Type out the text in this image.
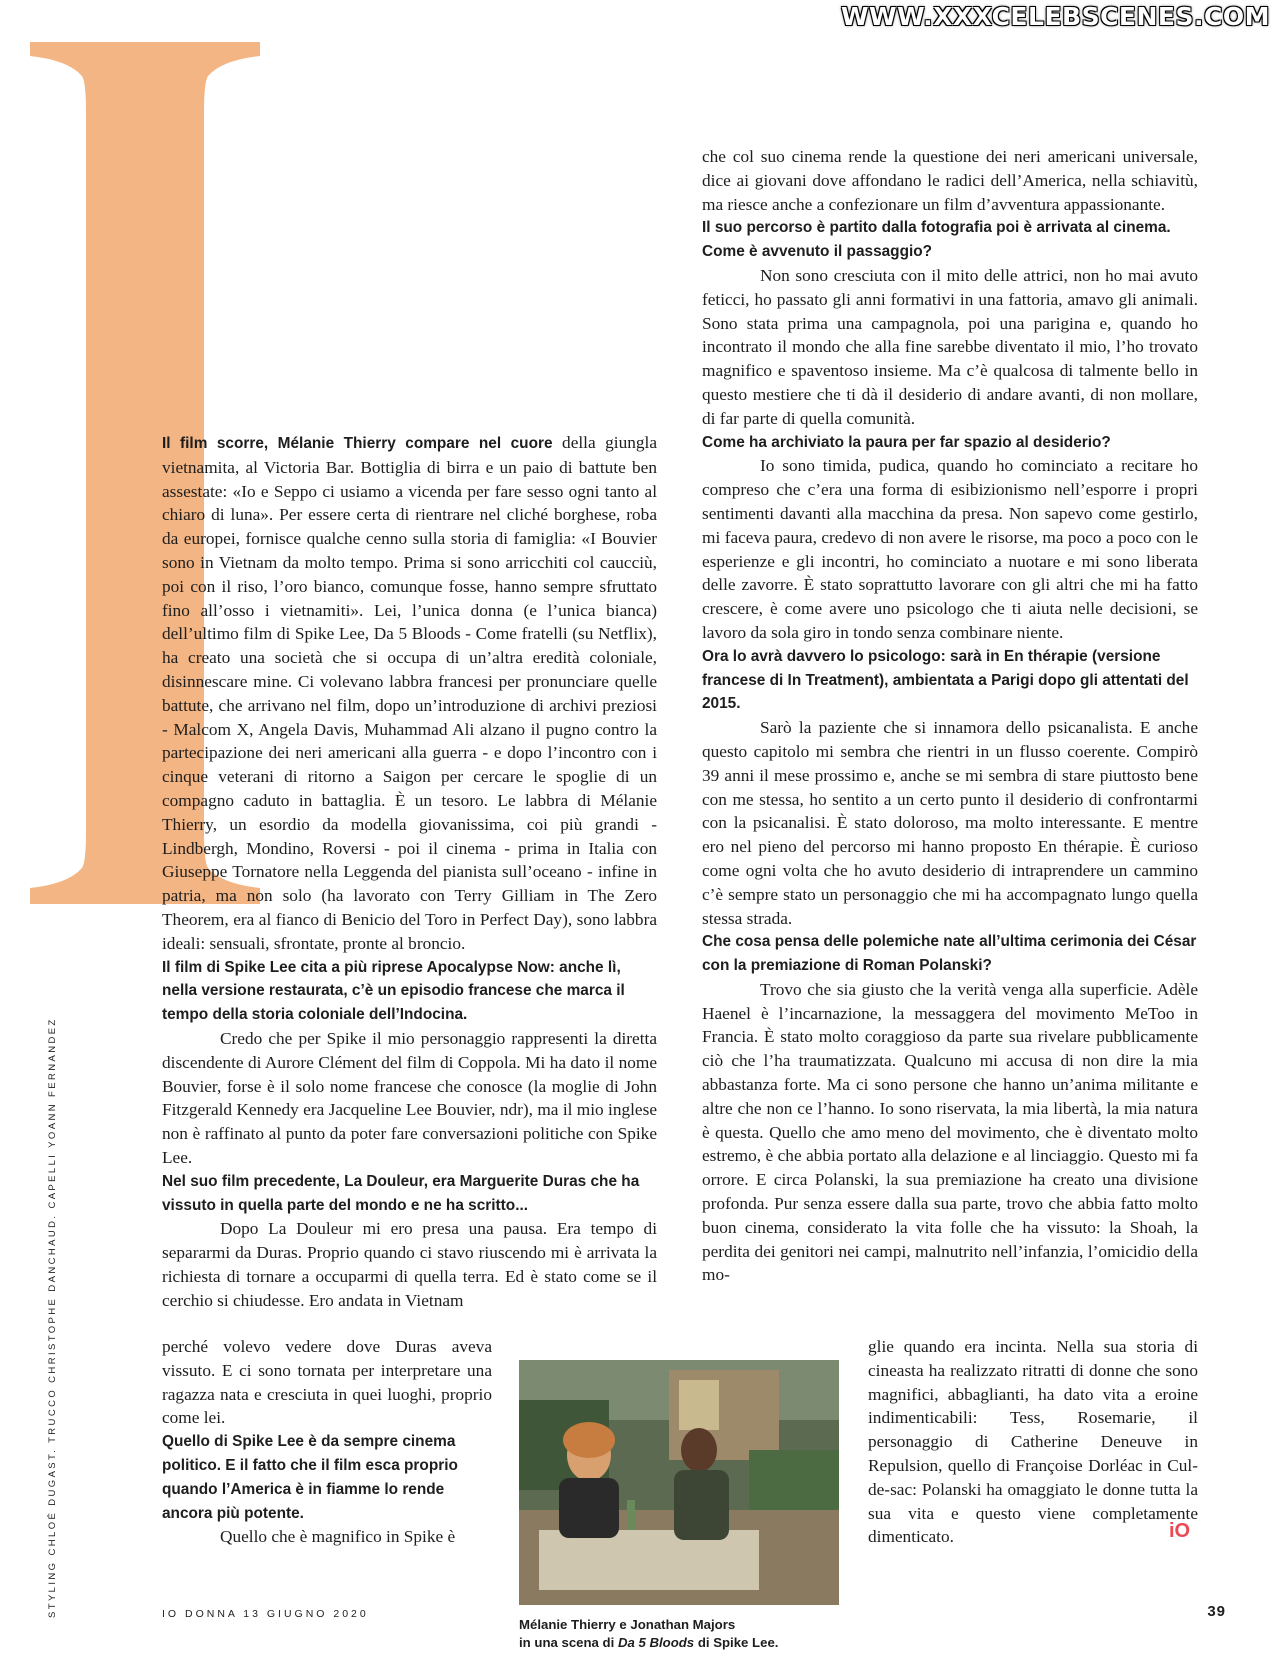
WWW.XXXCELEBSCENES.COM

Il film scorre, Mélanie Thierry compare nel cuore della giungla vietnamita, al Victoria Bar. Bottiglia di birra e un paio di battute ben assestate: «Io e Seppo ci usiamo a vicenda per fare sesso ogni tanto al chiaro di luna». Per essere certa di rientrare nel cliché borghese, roba da europei, fornisce qualche cenno sulla storia di famiglia: «I Bouvier sono in Vietnam da molto tempo. Prima si sono arricchiti col caucciù, poi con il riso, l’oro bianco, comunque fosse, hanno sempre sfruttato fino all’osso i vietnamiti». Lei, l’unica donna (e l’unica bianca) dell’ultimo film di Spike Lee, Da 5 Bloods - Come fratelli (su Netflix), ha creato una società che si occupa di un’altra eredità coloniale, disinnescare mine. Ci volevano labbra francesi per pronunciare quelle battute, che arrivano nel film, dopo un’introduzione di archivi preziosi - Malcom X, Angela Davis, Muhammad Ali alzano il pugno contro la partecipazione dei neri americani alla guerra - e dopo l’incontro con i cinque veterani di ritorno a Saigon per cercare le spoglie di un compagno caduto in battaglia. È un tesoro. Le labbra di Mélanie Thierry, un esordio da modella giovanissima, coi più grandi - Lindbergh, Mondino, Roversi - poi il cinema - prima in Italia con Giuseppe Tornatore nella Leggenda del pianista sull’oceano - infine in patria, ma non solo (ha lavorato con Terry Gilliam in The Zero Theorem, era al fianco di Benicio del Toro in Perfect Day), sono labbra ideali: sensuali, sfrontate, pronte al broncio.

Il film di Spike Lee cita a più riprese Apocalypse Now: anche lì, nella versione restaurata, c’è un episodio francese che marca il tempo della storia coloniale dell’Indocina.

Credo che per Spike il mio personaggio rappresenti la diretta discendente di Aurore Clément del film di Coppola. Mi ha dato il nome Bouvier, forse è il solo nome francese che conosce (la moglie di John Fitzgerald Kennedy era Jacqueline Lee Bouvier, ndr), ma il mio inglese non è raffinato al punto da poter fare conversazioni politiche con Spike Lee.

Nel suo film precedente, La Douleur, era Marguerite Duras che ha vissuto in quella parte del mondo e ne ha scritto...

Dopo La Douleur mi ero presa una pausa. Era tempo di separarmi da Duras. Proprio quando ci stavo riuscendo mi è arrivata la richiesta di tornare a occuparmi di quella terra. Ed è stato come se il cerchio si chiudesse. Ero andata in Vietnam

perché volevo vedere dove Duras aveva vissuto. E ci sono tornata per interpretare una ragazza nata e cresciuta in quei luoghi, proprio come lei.

Quello di Spike Lee è da sempre cinema politico. E il fatto che il film esca proprio quando l’America è in fiamme lo rende ancora più potente.

Quello che è magnifico in Spike è

che col suo cinema rende la questione dei neri americani universale, dice ai giovani dove affondano le radici dell’America, nella schiavitù, ma riesce anche a confezionare un film d’avventura appassionante.

Il suo percorso è partito dalla fotografia poi è arrivata al cinema. Come è avvenuto il passaggio?

Non sono cresciuta con il mito delle attrici, non ho mai avuto feticci, ho passato gli anni formativi in una fattoria, amavo gli animali. Sono stata prima una campagnola, poi una parigina e, quando ho incontrato il mondo che alla fine sarebbe diventato il mio, l’ho trovato magnifico e spaventoso insieme. Ma c’è qualcosa di talmente bello in questo mestiere che ti dà il desiderio di andare avanti, di non mollare, di far parte di quella comunità.

Come ha archiviato la paura per far spazio al desiderio?

Io sono timida, pudica, quando ho cominciato a recitare ho compreso che c’era una forma di esibizionismo nell’esporre i propri sentimenti davanti alla macchina da presa. Non sapevo come gestirlo, mi faceva paura, credevo di non avere le risorse, ma poco a poco con le esperienze e gli incontri, ho cominciato a nuotare e mi sono liberata delle zavorre. È stato soprattutto lavorare con gli altri che mi ha fatto crescere, è come avere uno psicologo che ti aiuta nelle decisioni, se lavoro da sola giro in tondo senza combinare niente.

Ora lo avrà davvero lo psicologo: sarà in En thérapie (versione francese di In Treatment), ambientata a Parigi dopo gli attentati del 2015.

Sarò la paziente che si innamora dello psicanalista. E anche questo capitolo mi sembra che rientri in un flusso coerente. Compirò 39 anni il mese prossimo e, anche se mi sembra di stare piuttosto bene con me stessa, ho sentito a un certo punto il desiderio di confrontarmi con la psicanalisi. È stato doloroso, ma molto interessante. E mentre ero nel pieno del percorso mi hanno proposto En thérapie. È curioso come ogni volta che ho avuto desiderio di intraprendere un cammino c’è sempre stato un personaggio che mi ha accompagnato lungo quella stessa strada.

Che cosa pensa delle polemiche nate all’ultima cerimonia dei César con la premiazione di Roman Polanski?

Trovo che sia giusto che la verità venga alla superficie. Adèle Haenel è l’incarnazione, la messaggera del movimento MeToo in Francia. È stato molto coraggioso da parte sua rivelare pubblicamente ciò che l’ha traumatizzata. Qualcuno mi accusa di non dire la mia abbastanza forte. Ma ci sono persone che hanno un’anima militante e altre che non ce l’hanno. Io sono riservata, la mia libertà, la mia natura è questa. Quello che amo meno del movimento, che è diventato molto estremo, è che abbia portato alla delazione e al linciaggio. Questo mi fa orrore. E circa Polanski, la sua premiazione ha creato una divisione profonda. Pur senza essere dalla sua parte, trovo che abbia fatto molto buon cinema, considerato la vita folle che ha vissuto: la Shoah, la perdita dei genitori nei campi, malnutrito nell’infanzia, l’omicidio della mo-

glie quando era incinta. Nella sua storia di cineasta ha realizzato ritratti di donne che sono magnifici, abbaglianti, ha dato vita a eroine indimenticabili: Tess, Rosemarie, il personaggio di Catherine Deneuve in Repulsion, quello di Françoise Dorléac in Cul-de-sac: Polanski ha omaggiato le donne tutta la sua vita e questo viene completamente dimenticato.

Mélanie Thierry e Jonathan Majors
in una scena di Da 5 Bloods di Spike Lee.
iO
STYLING CHLOÉ DUGAST. TRUCCO CHRISTOPHE DANCHAUD. CAPELLI YOANN FERNANDEZ	IO DONNA 13 GIUGNO 2020	39
